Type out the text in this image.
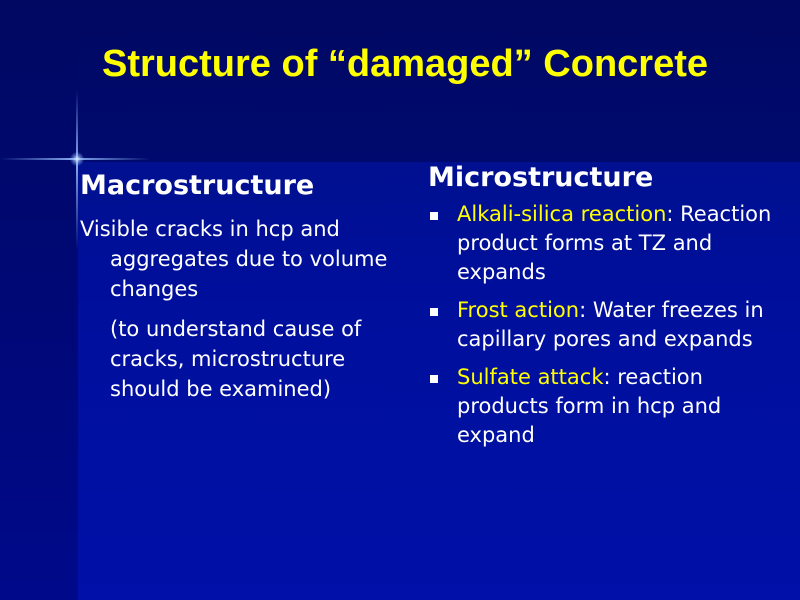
Structure of “damaged” Concrete
Macrostructure

Visible cracks in hcp and aggregates due to volume changes

(to understand cause of cracks, microstructure should be examined)

Microstructure
Alkali-silica reaction: Reaction product forms at TZ and expands
Frost action: Water freezes in capillary pores and expands
Sulfate attack: reaction products form in hcp and expand
